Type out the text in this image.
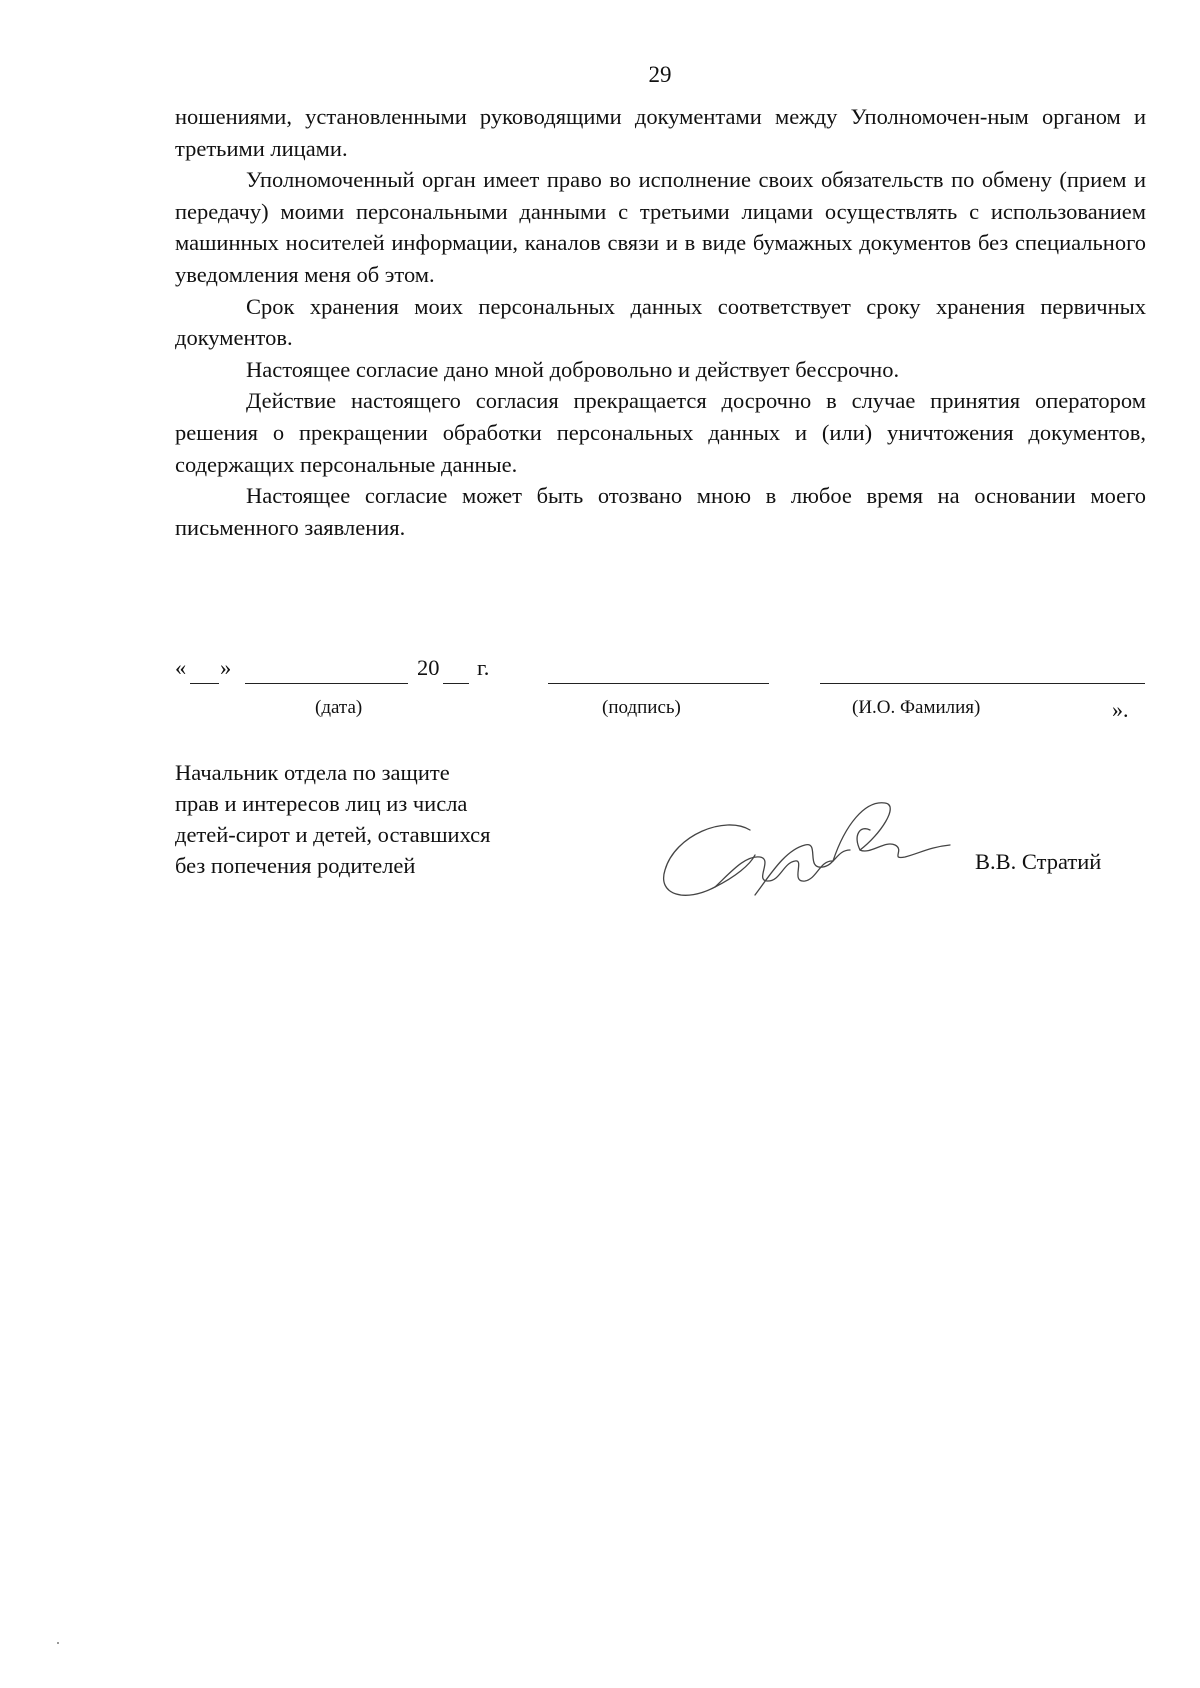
29

ношениями, установленными руководящими документами между Уполномочен-ным органом и третьими лицами.

Уполномоченный орган имеет право во исполнение своих обязательств по обмену (прием и передачу) моими персональными данными с третьими лицами осуществлять с использованием машинных носителей информации, каналов связи и в виде бумажных документов без специального уведомления меня об этом.

Срок хранения моих персональных данных соответствует сроку хранения первичных документов.

Настоящее согласие дано мной добровольно и действует бессрочно.

Действие настоящего согласия прекращается досрочно в случае принятия оператором решения о прекращении обработки персональных данных и (или) уничтожения документов, содержащих персональные данные.

Настоящее согласие может быть отозвано мною в любое время на основании моего письменного заявления.

« »	20 г.
(дата)	(подпись)	(И.О. Фамилия)	».
Начальник отдела по защите
прав и интересов лиц из числа
детей-сирот и детей, оставшихся
без попечения родителей	В.В. Стратий
